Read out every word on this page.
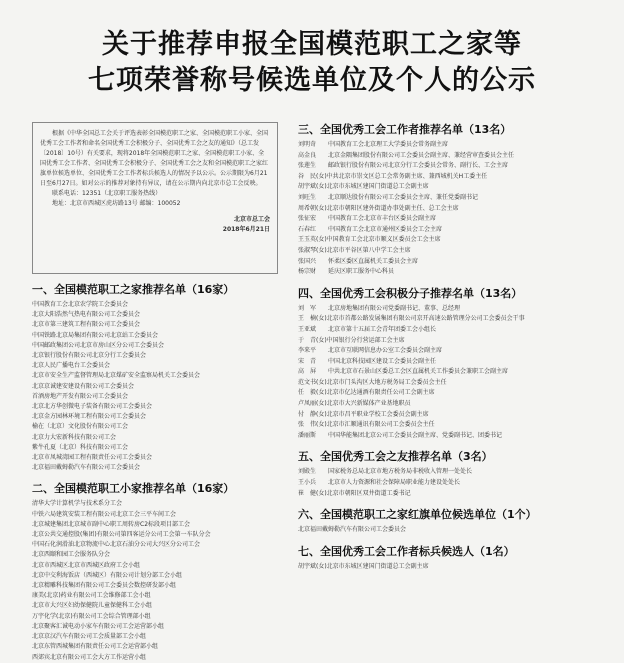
关于推荐申报全国模范职工之家等
七项荣誉称号候选单位及个人的公示

根据《中华全国总工会关于评选表彰全国模范职工之家、全国模范职工小家、全国优秀工会工作者和命名全国优秀工会积极分子、全国优秀工会之友的通知》（总工发〔2018〕10号）有关要求，现将2018年全国模范职工之家、全国模范职工小家、全国优秀工会工作者、全国优秀工会积极分子、全国优秀工会之友和全国模范职工之家红旗单位候选单位、全国优秀工会工作者标兵候选人的情况予以公示。公示期限为6月21日至6月27日。如对公示的推荐对象持有异议，请在公示期内向北京市总工会反映。

联系电话：12351（北京职工服务热线）

地址：北京市西城区虎坊路13号 邮编：100052

北京市总工会

2018年6月21日

一、全国模范职工之家推荐名单（16家）
中国教育工会北京农学院工会委员会
北京大阳浩然气热电有限公司工会委员会
北京市第三建筑工程有限公司工会委员会
中国铁路北京局集团有限公司北京站工会委员会
中国邮政集团公司北京市房山区分公司工会委员会
北京银行股份有限公司北京分行工会委员会
北京人民广播电台工会委员会
北京市安全生产监督管理局北京煤矿安全监察局机关工会委员会
北京京诚建安建设有限公司工会委员会
首酒房地产开发有限公司工会委员会
北京北方华创微电子装备有限公司工会委员会
北京金方园林环境工程有限公司工会委员会
榆在（北京）文化股份有限公司工会
北京力大宏新科技有限公司工会
紫牛孔夏（北京）科技有限公司工会
北京市凤城湾园工程有限责任公司工会委员会
北京福田戴姆勒汽车有限公司工会委员会
二、全国模范职工小家推荐名单（16家）
清华大学计算机学与技术系分工会
中铁六局建筑安装工程有限公司北京工会三平车间工会
北京城建集团北京城市副中心职工周转房C2标段项目部工会
北京公共交通控股(集团)有限公司第四客运分公司工会第一车队分会
中国石化润滑油北京物流中心北京石油分公司大兴区分公司工会
北京西颐和园工会服务队分会
北京市西城区北京市西城区政府工会小组
北京中交利海饭店（西城区）有限公司计划分部工会小组
北京精雕科技集团有限公司工会委员会数控研发部小组
康美(北京)药业有限公司工会维修部工会小组
北京市大兴区妇幼保健院儿童保健科工会小组
万宇化学(北京)有限公司工会综合管理部小组
北京聚客汇诚电动小家车有限公司工会运营部小组
北京京汉汽车有限公司工会质量部工会小组
北京东管西城集团有限责任公司工会运营部小组
西郊宾北京有限公司工会大方工作运营小组
三、全国优秀工会工作者推荐名单（13名）
刘明奇　　中国教育工会北京理工大学委员会常务副主席
高金良　　北京金隅集团股份有限公司工会委员会副主席、兼经营审查委员会主任
张莲生　　邮政银行股份有限公司北京分行工会委员会常务、副行长、工会主席
谷　民(女)中共北京市崇文区总工会常务副主席、兼西城机关H工委主任
胡宇斌(女)北京市东城区建国门街道总工会副主席
刘旺生　　北京顺达股份有限公司工会委员会主席、兼任党委副书记
周希朝(女)北京市朝阳区建外街道办事处副主任、总工会主席
张征宏　　中国教育工会北京市丰台区委员会副主席
石春红　　中国教育工会北京市通州区委员会工会主席
王玉英(女)中国教育工会北京市顺义区委员会工会主席
张淑琴(女)北京市平谷区第八中学工会主席
张国兴　　怀柔区委区直属机关工委员会主席
杨宗财　　延庆区职工服务中心科员
四、全国优秀工会积极分子推荐名单（13名）
刘　军　　北京房地集团有限公司党委副书记、董事、总经理
王　楠(女)北京市首都公路发展集团有限公司京开高速公路管理分公司工会委员会干事
王亚斌　　北京市第十五届工会青年团委工会小组长
于　青(女)中国银行分行营运部工会主席
李来平　　北京市互联网信息办公室工会委员会副主席
宋　青　　中国北京科技园区建设工会委员会副主任
高　屏　　中共北京市石景山区委总工会区直属机关工作委员会兼职工会副主席
范文书(女)北京市门头沟区大地方税务局工会委员会主任
任　毅(女)北京市亿达通酒有限责任公司工会副主席
卢凤丽(女)北京市大兴新媒体产业基地职员
付　静(女)北京市昌平职业学校工会委员会副主席
张　伟(女)北京市汇顺通讯有限公司工会委员会主任
潘丽斯　　中国华能集团北京公司工会委员会副主席、党委副书记、团委书记
五、全国优秀工会之友推荐名单（3名）
刘殿生　　国家税务总局北京市地方税务局非税收入管理一处处长
王小兵　　北京市人力资源和社会保障局职业能力建设处处长
崔　健(女)北京市朝阳区双井街道工委书记
六、全国模范职工之家红旗单位候选单位（1个）
北京福田戴姆勒汽车有限公司工会委员会
七、全国优秀工会工作者标兵候选人（1名）
胡宇斌(女)北京市东城区建国门街道总工会副主席
